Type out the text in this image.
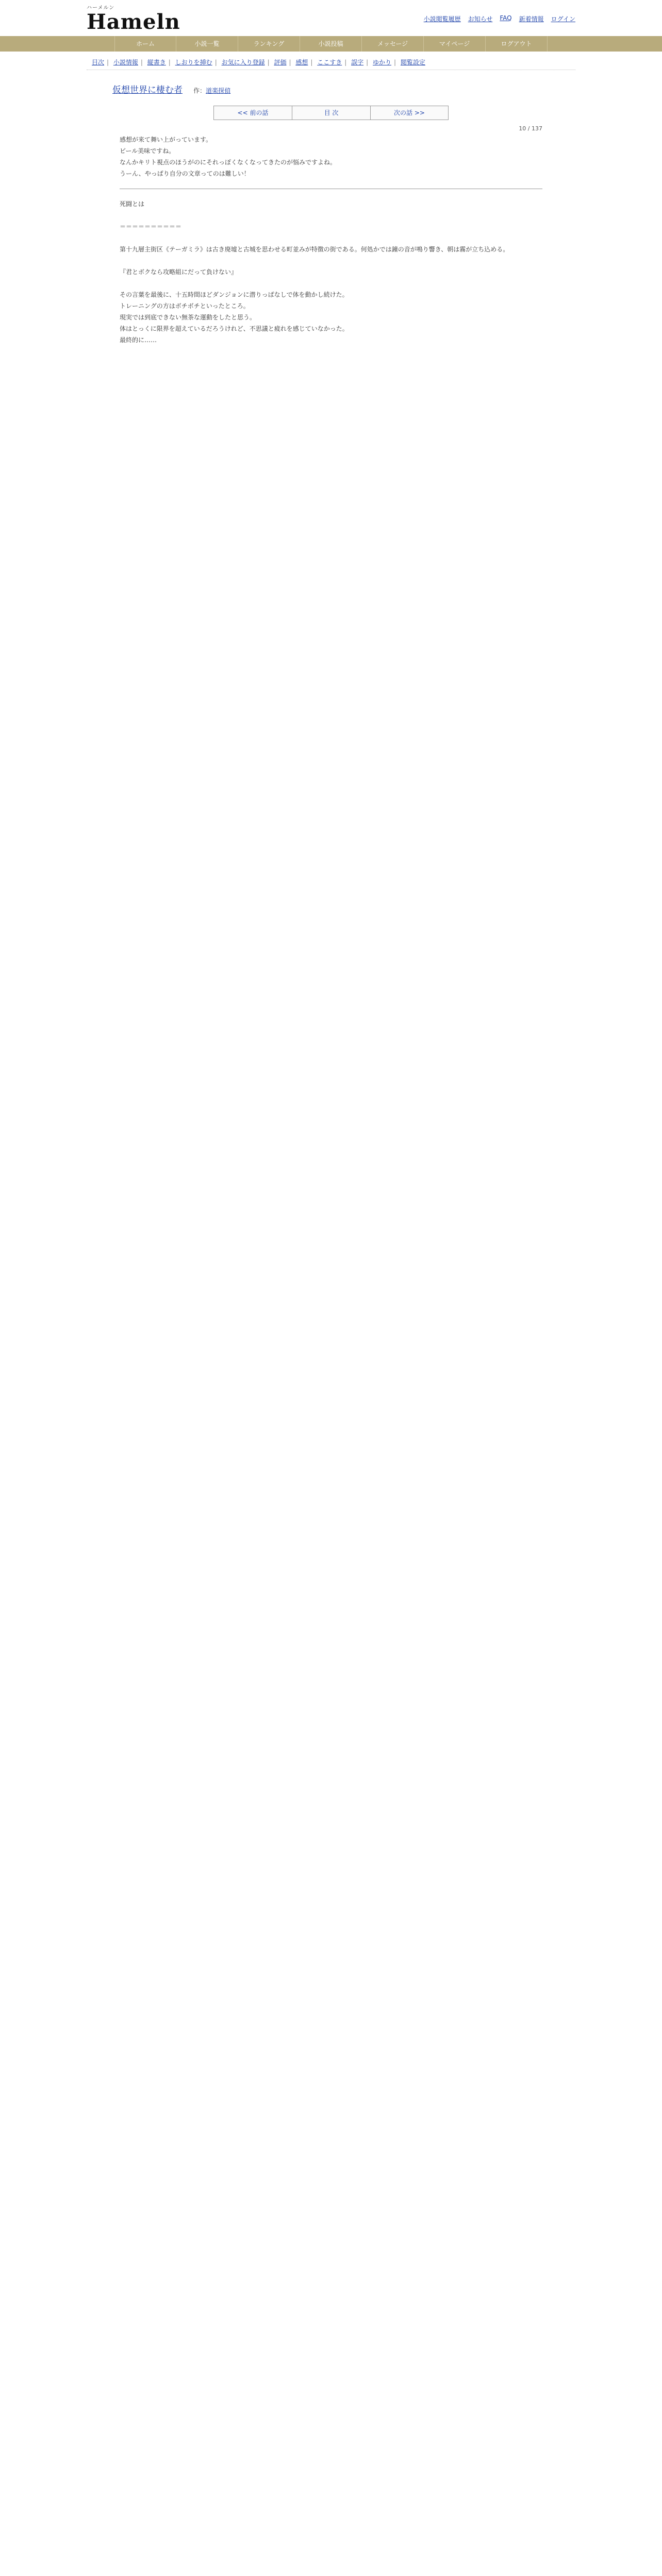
ハーメルン
Hameln	小説閲覧履歴 お知らせ FAQ 新着情報 ログイン
ホーム	小説一覧	ランキング	小説投稿	メッセージ	マイページ	ログアウト
目次 | 小説情報 | 縦書き | しおりを挿む | お気に入り登録 | 評価 | 感想 | ここすき | 誤字 | ゆかり | 閲覧設定
仮想世界に棲む者 作：道楽探偵
<< 前の話	目 次	次の話 >>
10 / 137
感想が来て舞い上がっています。
ビール美味ですね。
なんかキリト視点のほうがのにそれっぽくなくなってきたのが悩みですよね。
うーん、やっぱり自分の文章ってのは難しい！
死闘とは
＝＝＝＝＝＝＝＝＝＝
第十九層主街区《テーガミラ》は古き廃墟と古城を思わせる町並みが特徴の街である。何処かでは鐘の音が鳴り響き、朝は霧が立ち込める。
『君とボクなら攻略組にだって負けない』
その言葉を最後に、十五時間ほどダンジョンに潜りっぱなしで体を動かし続けた。
トレーニングの方はボチボチといったところ。
現実では到底できない無茶な運動をしたと思う。
体はとっくに限界を超えているだろうけれど、不思議と疲れを感じていなかった。
最終的に……
